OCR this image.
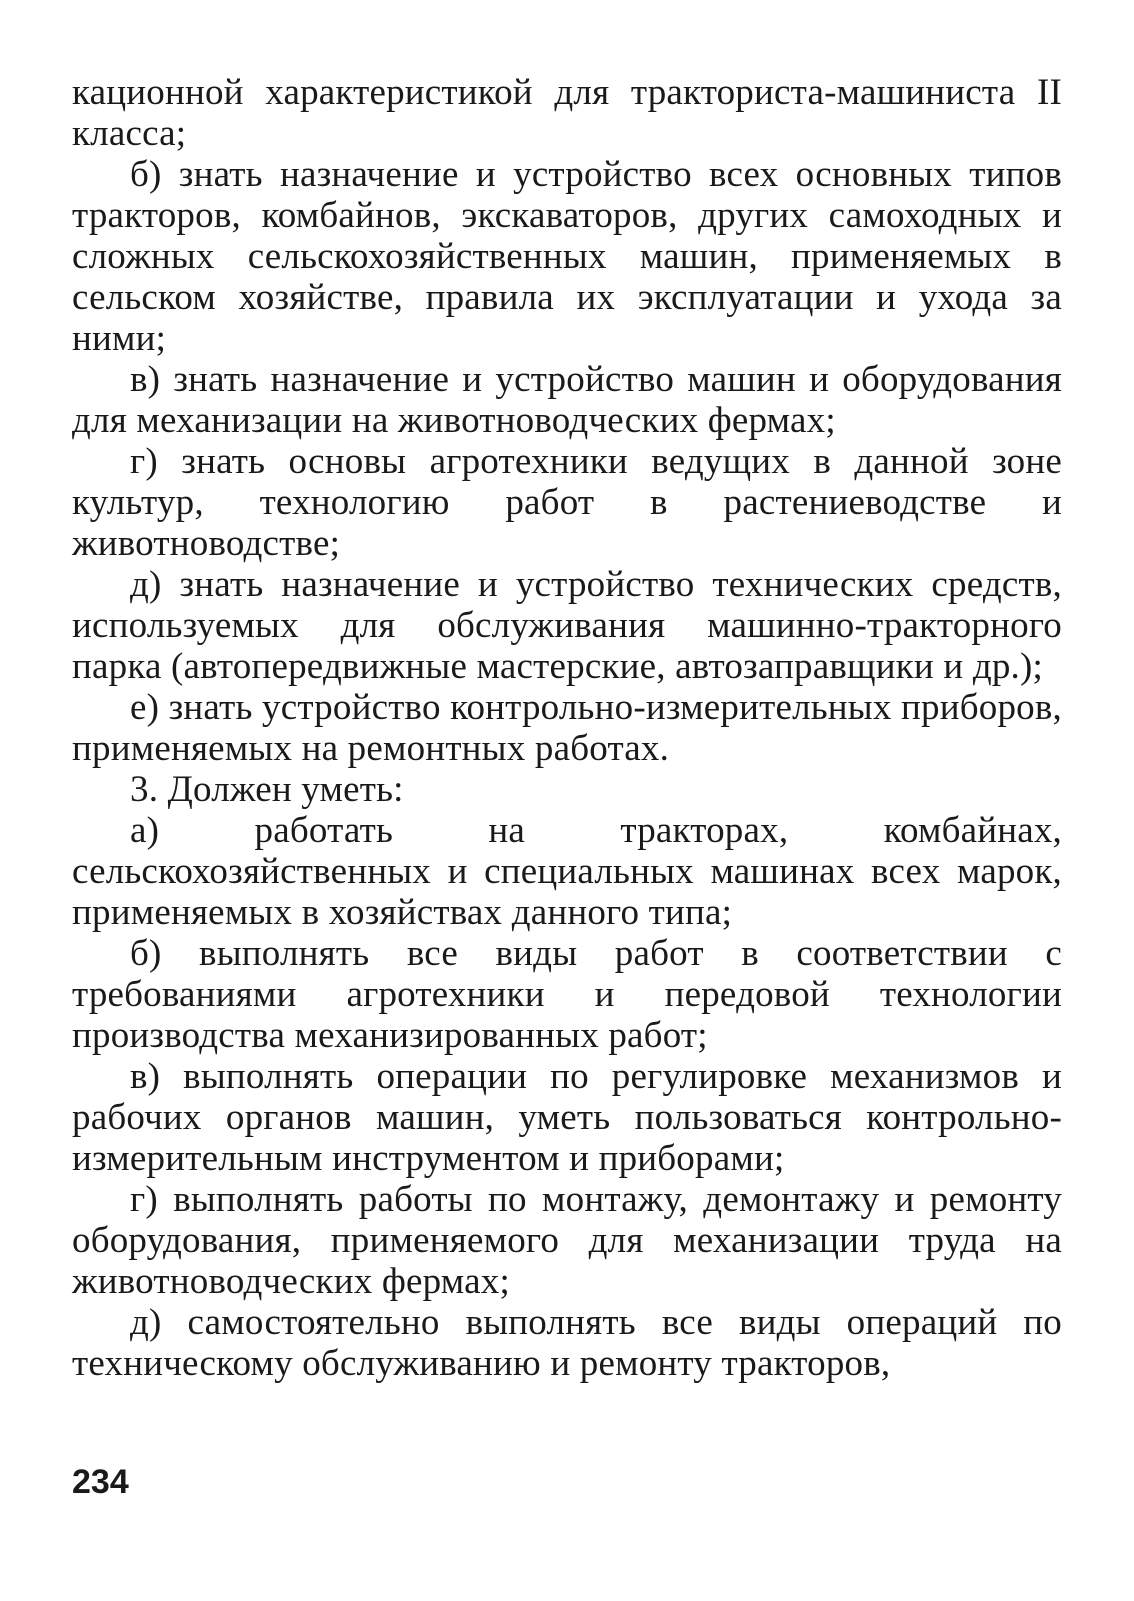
кационной характеристикой для тракториста-машиниста II класса;

б) знать назначение и устройство всех основных типов тракторов, комбайнов, экскаваторов, других самоходных и сложных сельскохозяйственных машин, применяемых в сельском хозяйстве, правила их эксплуатации и ухода за ними;

в) знать назначение и устройство машин и оборудования для механизации на животноводческих фермах;

г) знать основы агротехники ведущих в данной зоне культур, технологию работ в растениеводстве и животноводстве;

д) знать назначение и устройство технических средств, используемых для обслуживания машинно-тракторного парка (автопередвижные мастерские, автозаправщики и др.);

е) знать устройство контрольно-измерительных приборов, применяемых на ремонтных работах.

3. Должен уметь:

а) работать на тракторах, комбайнах, сельскохозяйственных и специальных машинах всех марок, применяемых в хозяйствах данного типа;

б) выполнять все виды работ в соответствии с требованиями агротехники и передовой технологии производства механизированных работ;

в) выполнять операции по регулировке механизмов и рабочих органов машин, уметь пользоваться контрольно-измерительным инструментом и приборами;

г) выполнять работы по монтажу, демонтажу и ремонту оборудования, применяемого для механизации труда на животноводческих фермах;

д) самостоятельно выполнять все виды операций по техническому обслуживанию и ремонту тракторов,

234
